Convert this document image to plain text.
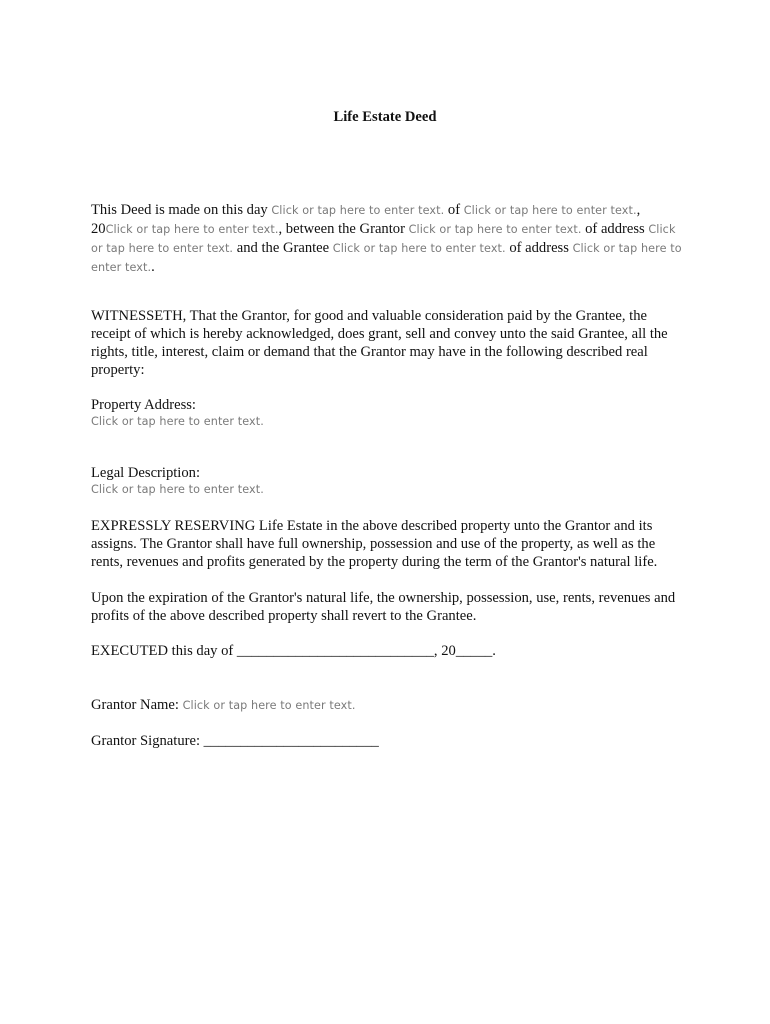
Life Estate Deed
This Deed is made on this day Click or tap here to enter text. of Click or tap here to enter text.,
20Click or tap here to enter text., between the Grantor Click or tap here to enter text. of address Click or tap here to enter text. and the Grantee Click or tap here to enter text. of address Click or tap here to enter text..
WITNESSETH, That the Grantor, for good and valuable consideration paid by the Grantee, the receipt of which is hereby acknowledged, does grant, sell and convey unto the said Grantee, all the rights, title, interest, claim or demand that the Grantor may have in the following described real property:
Property Address:
Click or tap here to enter text.
Legal Description:
Click or tap here to enter text.
EXPRESSLY RESERVING Life Estate in the above described property unto the Grantor and its assigns. The Grantor shall have full ownership, possession and use of the property, as well as the rents, revenues and profits generated by the property during the term of the Grantor's natural life.
Upon the expiration of the Grantor's natural life, the ownership, possession, use, rents, revenues and profits of the above described property shall revert to the Grantee.
EXECUTED this day of ___________________________, 20_____.
Grantor Name: Click or tap here to enter text.
Grantor Signature: ________________________
